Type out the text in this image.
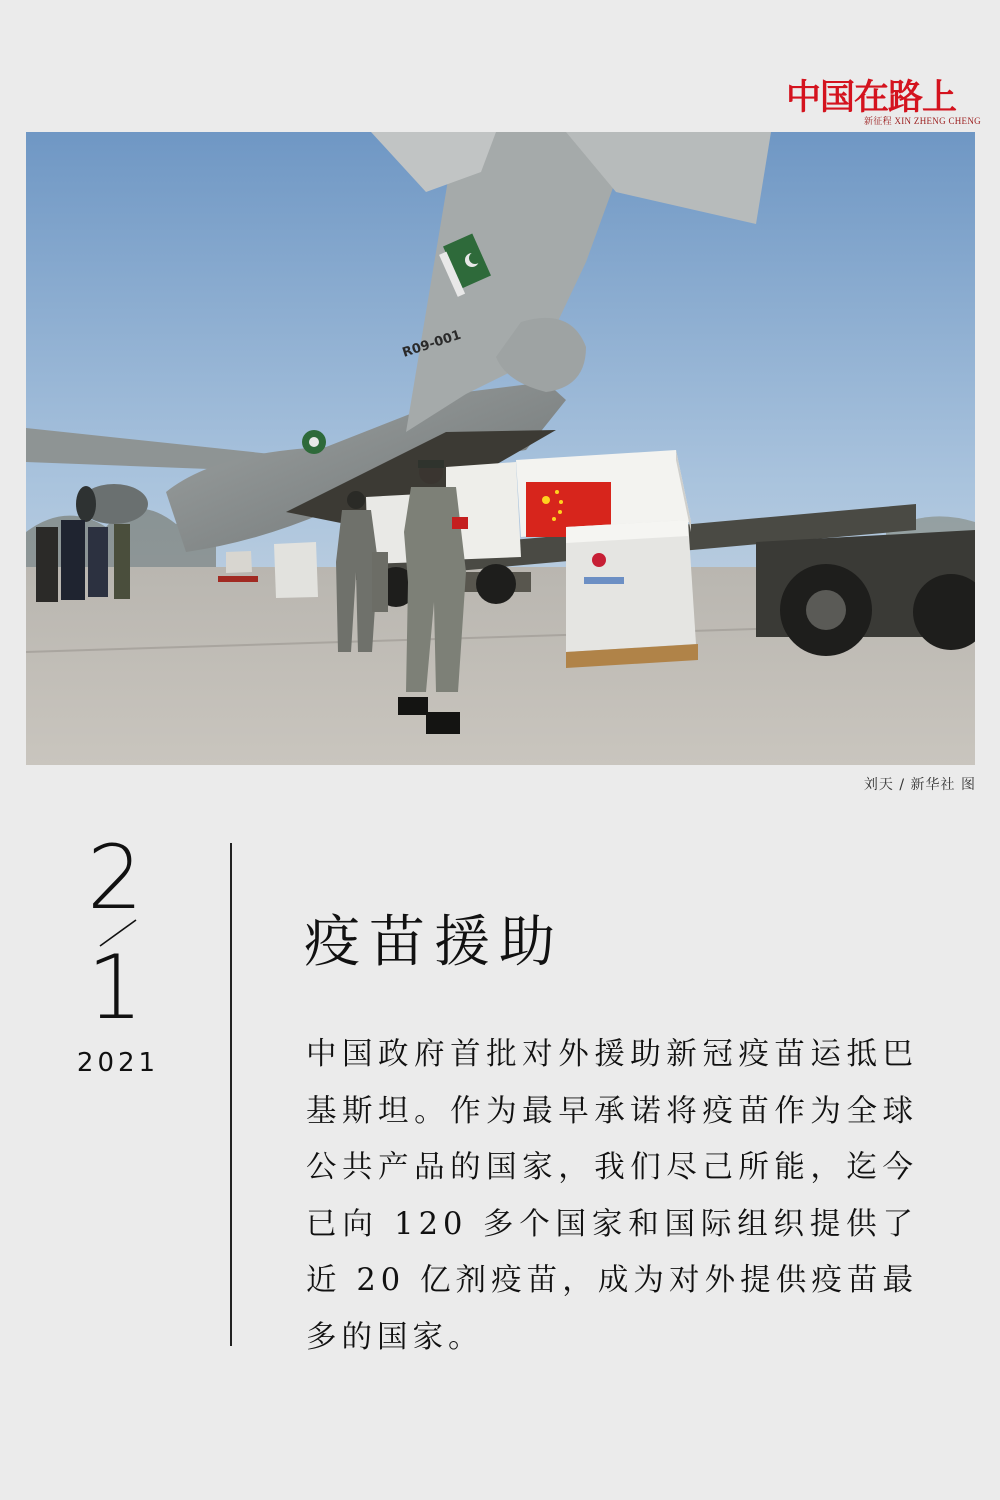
中国在路上
新征程 XIN ZHENG CHENG
R09-001
刘天 / 新华社 图
2
1
2021
疫苗援助
中国政府首批对外援助新冠疫苗运抵巴基斯坦。作为最早承诺将疫苗作为全球公共产品的国家，我们尽己所能，迄今已向 120 多个国家和国际组织提供了近 20 亿剂疫苗，成为对外提供疫苗最多的国家。
